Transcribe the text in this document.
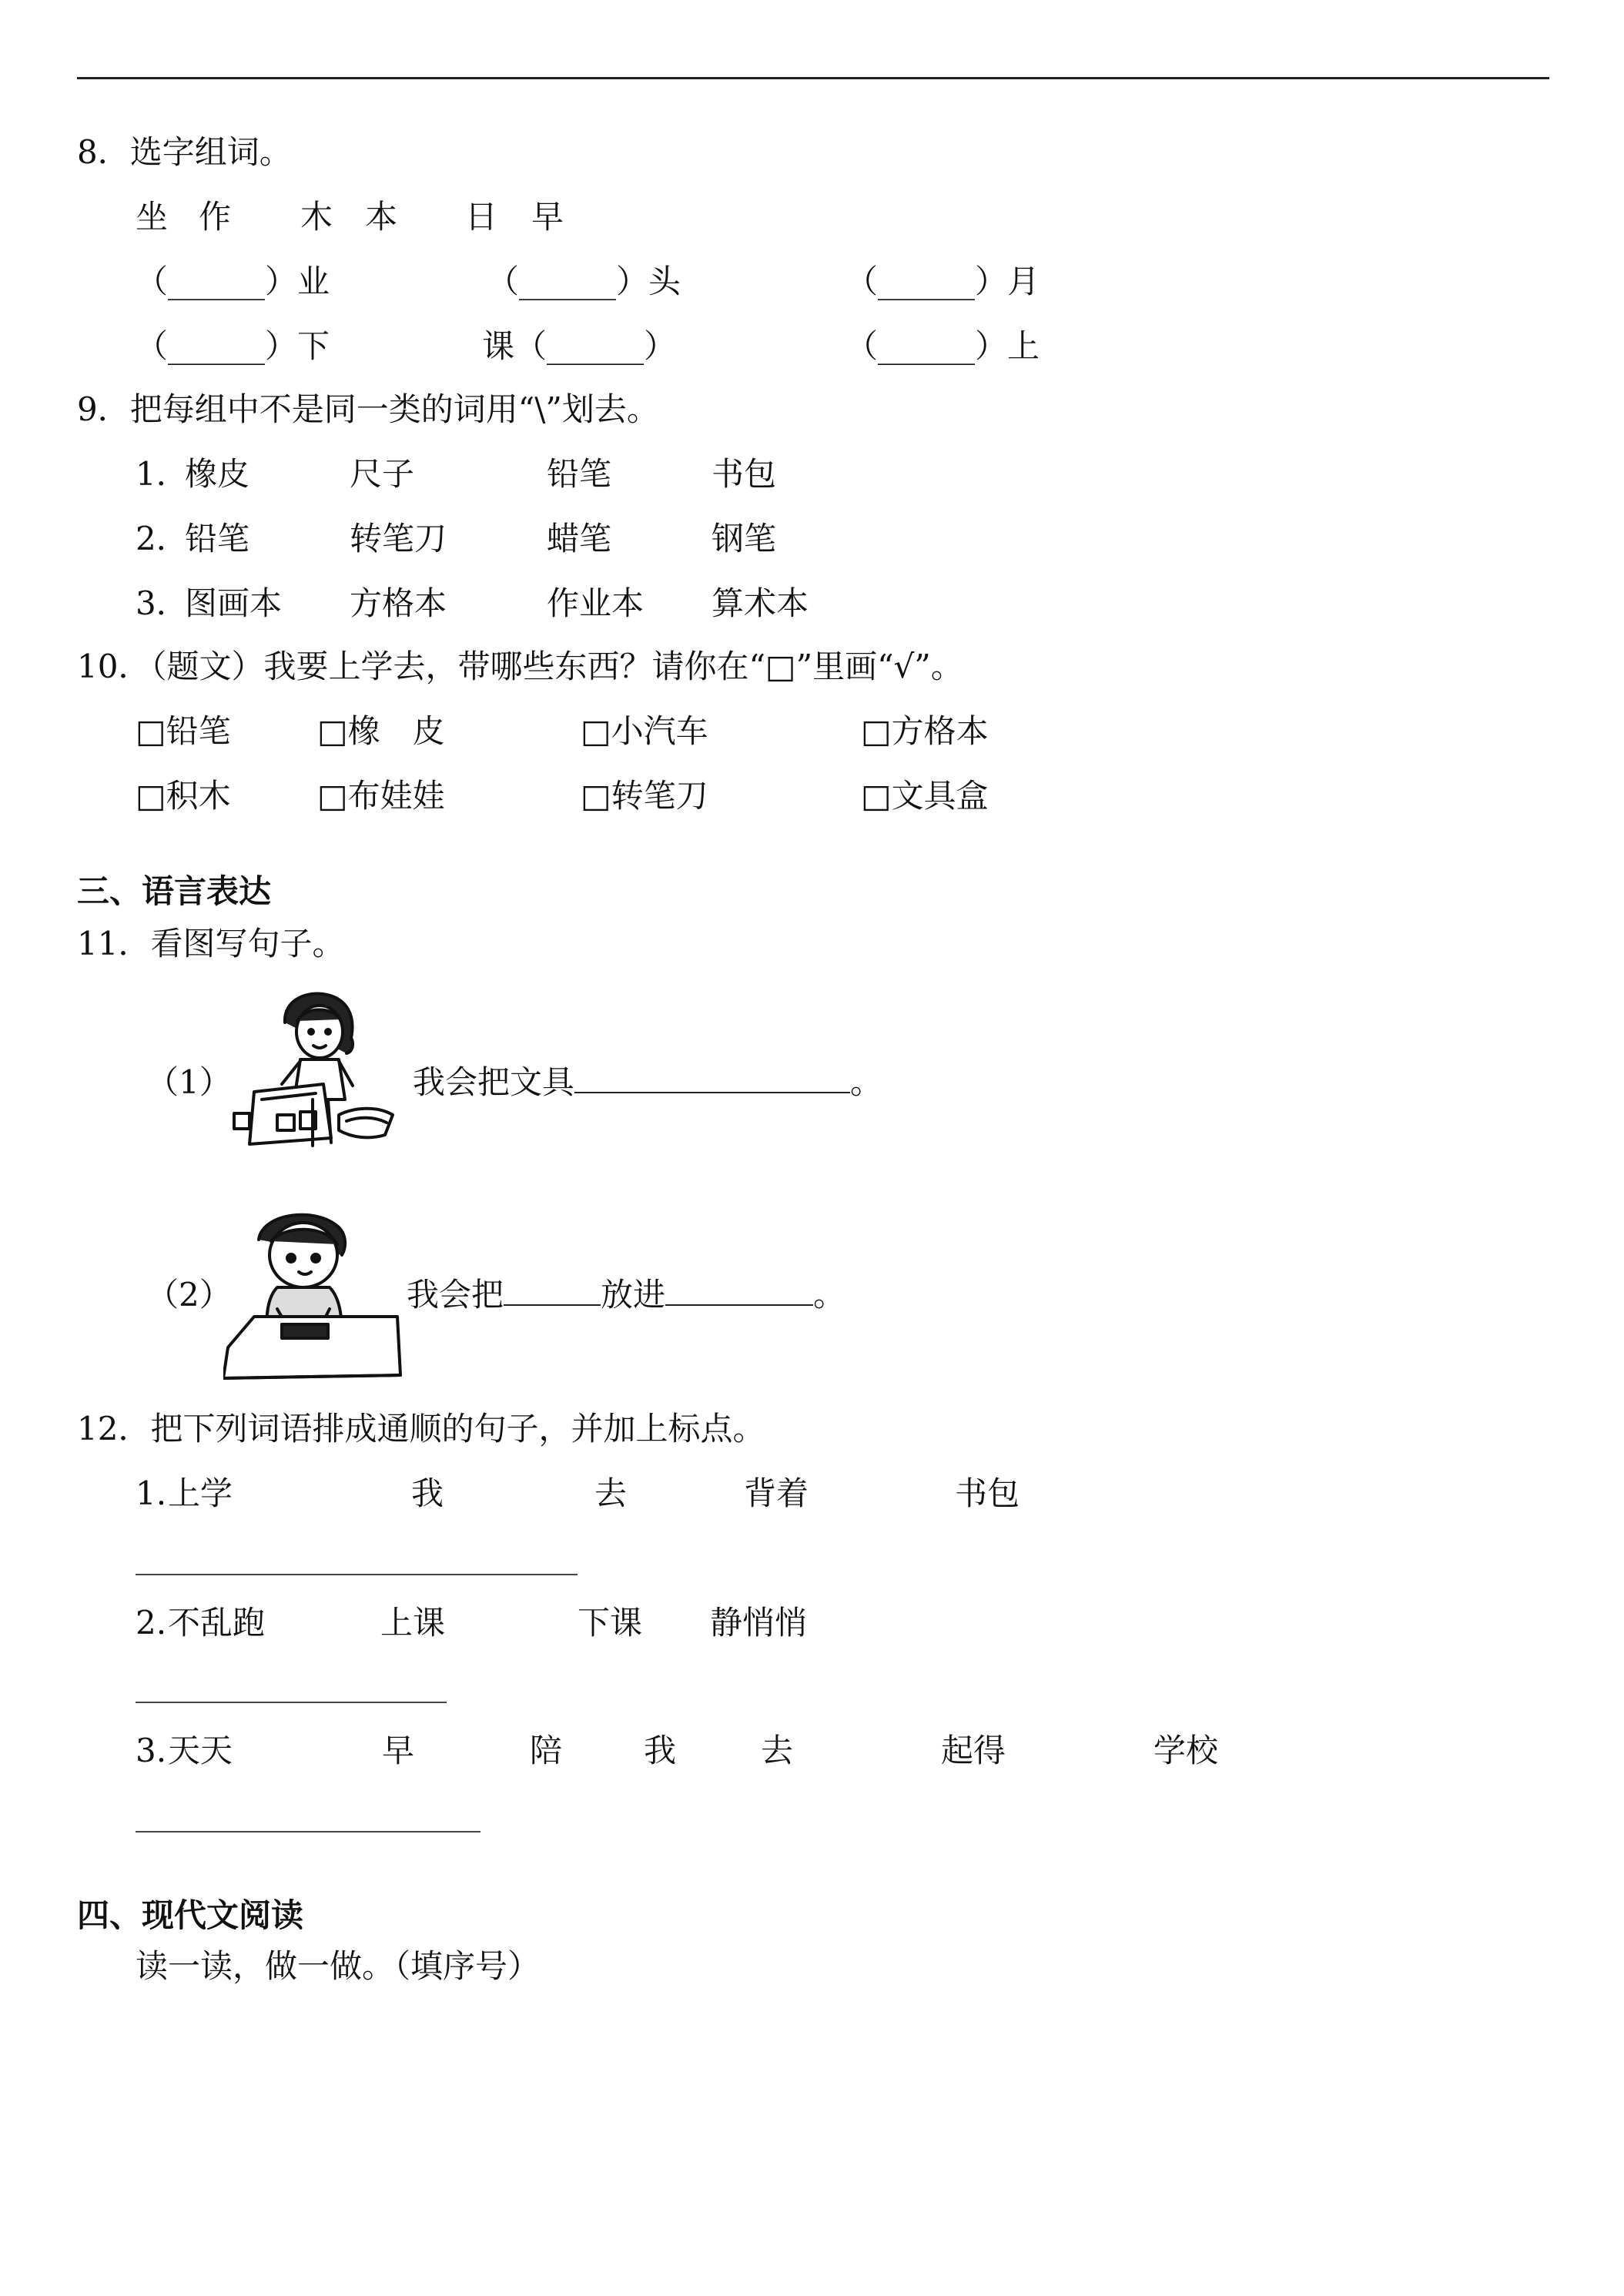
8．选字组词。
坐 作 木 本 日 早
（______）业	（______）头	（______）月
（______）下	课（______）	（______）上
9．把每组中不是同一类的词用“\”划去。
1．
橡皮	尺子	铅笔	书包
2．
铅笔	转笔刀	蜡笔	钢笔
3．
图画本 方格本	作业本 算术本
10．（题文）我要上学去，带哪些东西？请你在“□”里画“√”。
□铅笔	□橡　皮	□小汽车	□方格本
□积木	□布娃娃	□转笔刀	□文具盒
三、语言表达
11．看图写句子。
（1）	我会把文具	。
（2）	我会把	放进	。
12．把下列词语排成通顺的句子，并加上标点。
1. 上学	我	去	背着	书包
2. 不乱跑	上课	下课 静悄悄
3. 天天	早	陪	我	去	起得	学校
四、现代文阅读
读一读，做一做。（填序号）
